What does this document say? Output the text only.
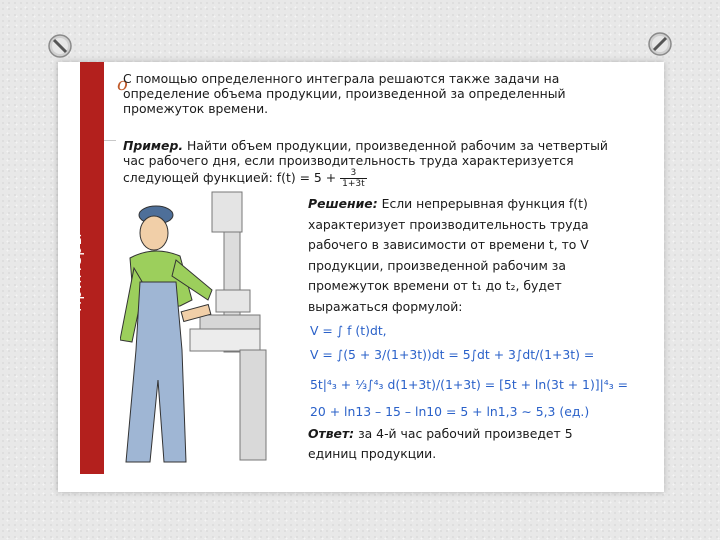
Примеры
o
С помощью определенного интеграла решаются также задачи на определение объема продукции, произведенной за определенный промежуток времени.
Пример. Найти объем продукции, произведенной рабочим за четвертый час рабочего дня, если производительность труда характеризуется следующей функцией: $f(t) = 5 + \frac{3}{1+3t}$
Решение: Если непрерывная функция f(t) характеризует производительность труда рабочего в зависимости от времени t, то V продукции, произведенной рабочим за промежуток времени от t₁ до t₂, будет выражаться формулой:
V = ∫ f (t)dt,
V = ∫(5 + 3/(1+3t))dt = 5∫dt + 3∫dt/(1+3t) =
5t|⁴₃ + ⅓∫⁴₃ d(1+3t)/(1+3t) = [5t + ln(3t + 1)]|⁴₃ =
20 + ln13 – 15 – ln10 = 5 + ln1,3 ∼ 5,3 (ед.)
Ответ: за 4-й час рабочий произведет 5 единиц продукции.
